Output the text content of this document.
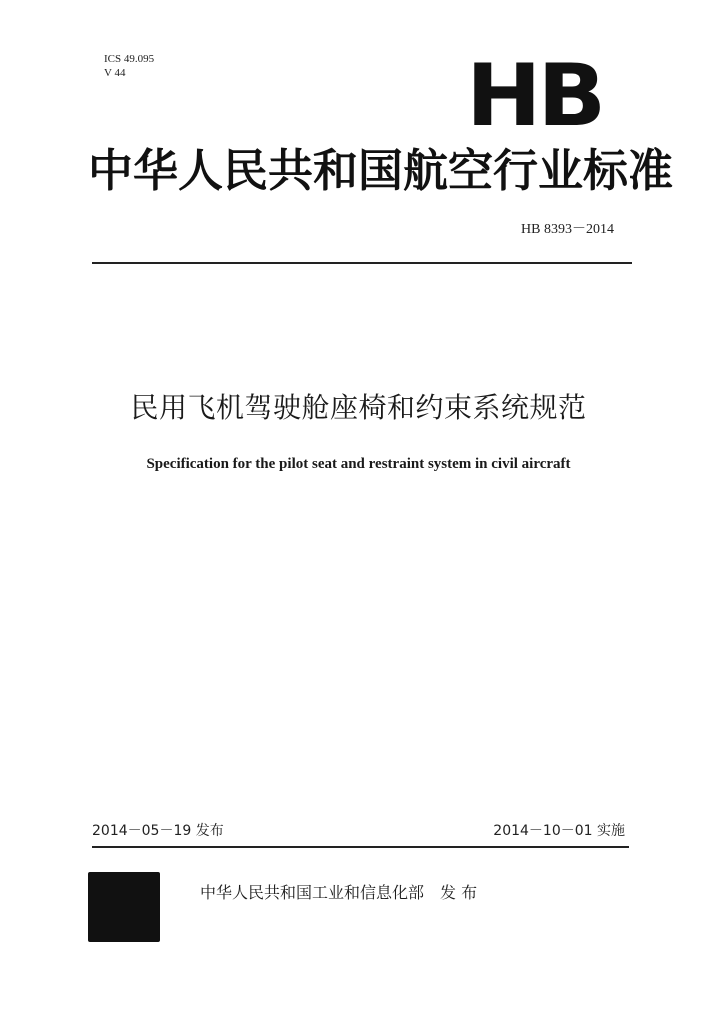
ICS 49.095
V 44	HB
中华人民共和国航空行业标准
HB 8393－2014
民用飞机驾驶舱座椅和约束系统规范
Specification for the pilot seat and restraint system in civil aircraft
2014－05－19 发布	2014－10－01 实施
中华人民共和国工业和信息化部 发 布
